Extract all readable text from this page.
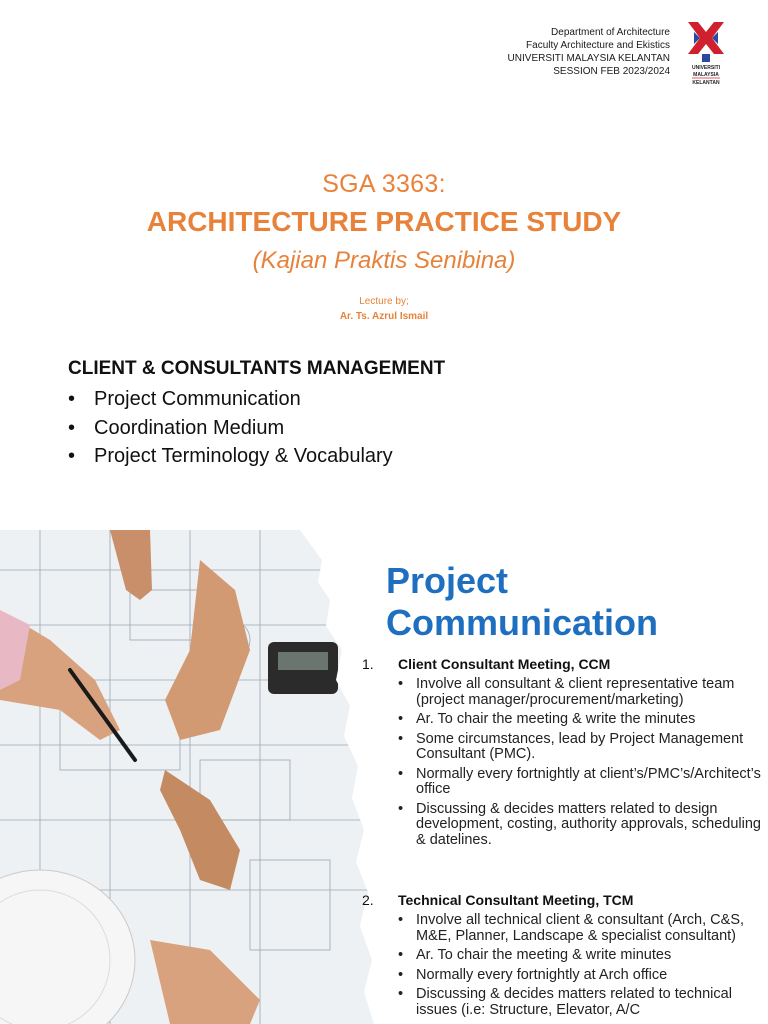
Department of Architecture
Faculty Architecture and Ekistics
UNIVERSITI MALAYSIA KELANTAN
SESSION FEB 2023/2024	UNIVERSITI
MALAYSIA
KELANTAN
SGA 3363:
ARCHITECTURE PRACTICE STUDY
(Kajian Praktis Senibina)
Lecture by;
Ar. Ts. Azrul Ismail
CLIENT & CONSULTANTS MANAGEMENT
• Project Communication
• Coordination Medium
• Project Terminology & Vocabulary
Project
Communication
1. Client Consultant Meeting, CCM
• Involve all consultant & client representative team (project manager/procurement/marketing)
• Ar. To chair the meeting & write the minutes
• Some circumstances, lead by Project Management Consultant (PMC).
• Normally every fortnightly at client’s/PMC’s/Architect’s office
• Discussing & decides matters related to design development, costing, authority approvals, scheduling & datelines.
2. Technical Consultant Meeting, TCM
• Involve all technical client & consultant (Arch, C&S, M&E, Planner, Landscape & specialist consultant)
• Ar. To chair the meeting & write minutes
• Normally every fortnightly at Arch office
• Discussing & decides matters related to technical issues (i.e: Structure, Elevator, A/C
